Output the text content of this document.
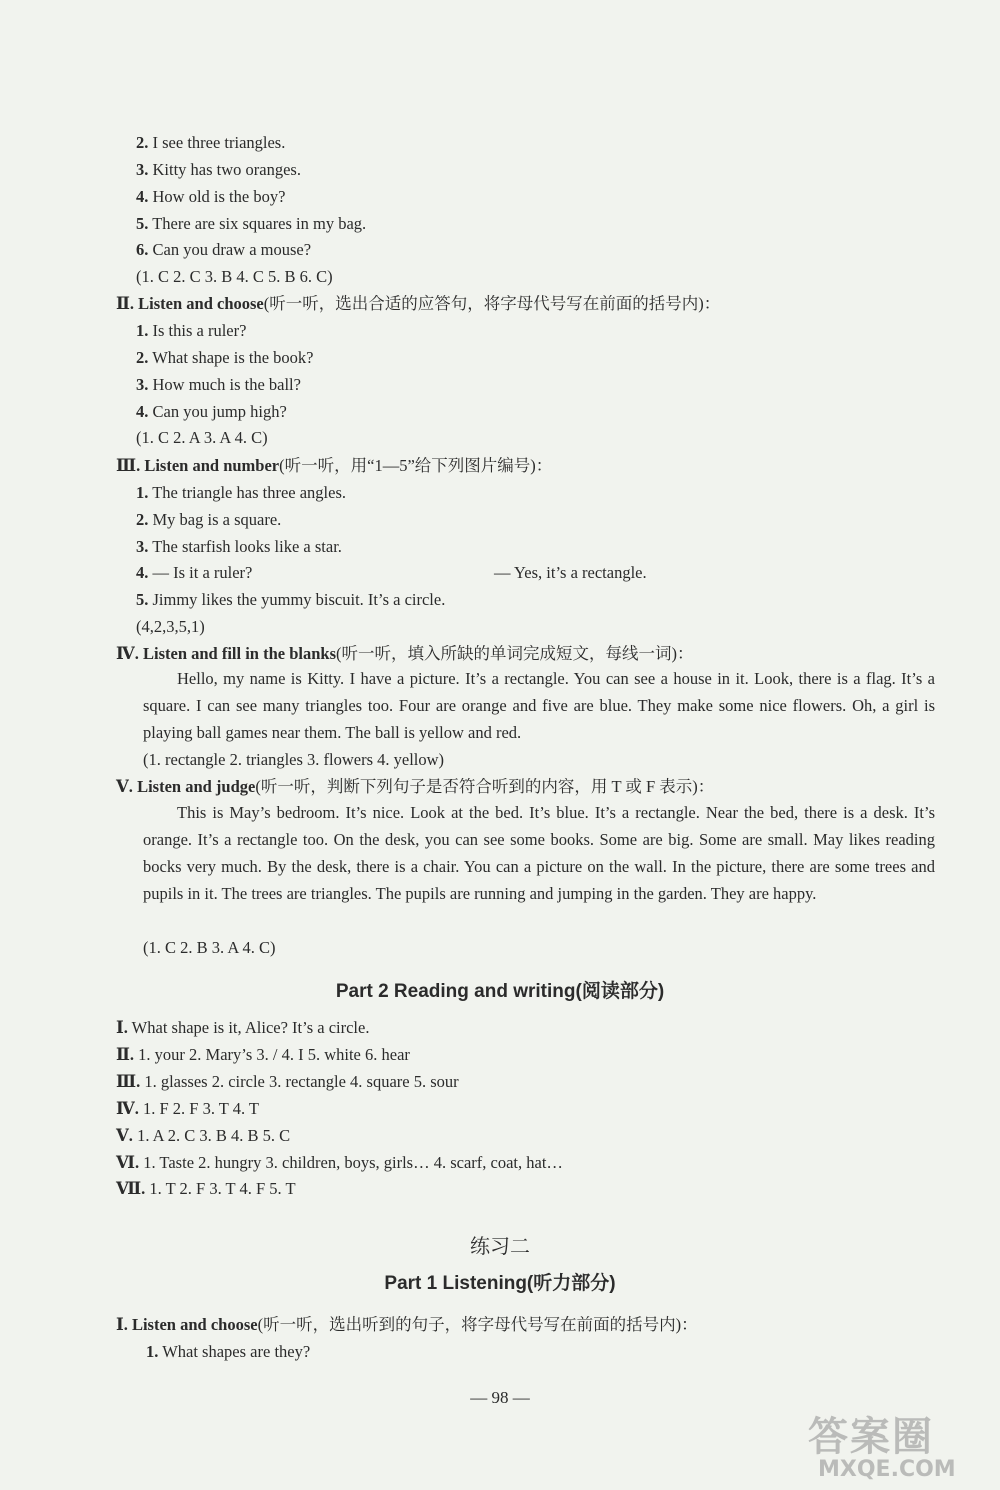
2. I see three triangles.
3. Kitty has two oranges.
4. How old is the boy?
5. There are six squares in my bag.
6. Can you draw a mouse?
(1. C 2. C 3. B 4. C 5. B 6. C)
Ⅱ. Listen and choose(听一听，选出合适的应答句，将字母代号写在前面的括号内)：
1. Is this a ruler?
2. What shape is the book?
3. How much is the ball?
4. Can you jump high?
(1. C 2. A 3. A 4. C)
Ⅲ. Listen and number(听一听，用“1—5”给下列图片编号)：
1. The triangle has three angles.
2. My bag is a square.
3. The starfish looks like a star.
4. — Is it a ruler?	— Yes, it’s a rectangle.
5. Jimmy likes the yummy biscuit. It’s a circle.
(4,2,3,5,1)
Ⅳ. Listen and fill in the blanks(听一听，填入所缺的单词完成短文，每线一词)：
Hello, my name is Kitty. I have a picture. It’s a rectangle. You can see a house in it. Look, there is a flag. It’s a square. I can see many triangles too. Four are orange and five are blue. They make some nice flowers. Oh, a girl is playing ball games near them. The ball is yellow and red.
(1. rectangle 2. triangles 3. flowers 4. yellow)
Ⅴ. Listen and judge(听一听，判断下列句子是否符合听到的内容，用 T 或 F 表示)：
This is May’s bedroom. It’s nice. Look at the bed. It’s blue. It’s a rectangle. Near the bed, there is a desk. It’s orange. It’s a rectangle too. On the desk, you can see some books. Some are big. Some are small. May likes reading bocks very much. By the desk, there is a chair. You can a picture on the wall. In the picture, there are some trees and pupils in it. The trees are triangles. The pupils are running and jumping in the garden. They are happy.
(1. C 2. B 3. A 4. C)
Part 2 Reading and writing(阅读部分)
Ⅰ. What shape is it, Alice? It’s a circle.
Ⅱ. 1. your 2. Mary’s 3. / 4. I 5. white 6. hear
Ⅲ. 1. glasses 2. circle 3. rectangle 4. square 5. sour
Ⅳ. 1. F 2. F 3. T 4. T
Ⅴ. 1. A 2. C 3. B 4. B 5. C
Ⅵ. 1. Taste 2. hungry 3. children, boys, girls… 4. scarf, coat, hat…
Ⅶ. 1. T 2. F 3. T 4. F 5. T
练习二
Part 1 Listening(听力部分)
Ⅰ. Listen and choose(听一听，选出听到的句子，将字母代号写在前面的括号内)：
1. What shapes are they?
— 98 —
答案圈
MXQE.COM
